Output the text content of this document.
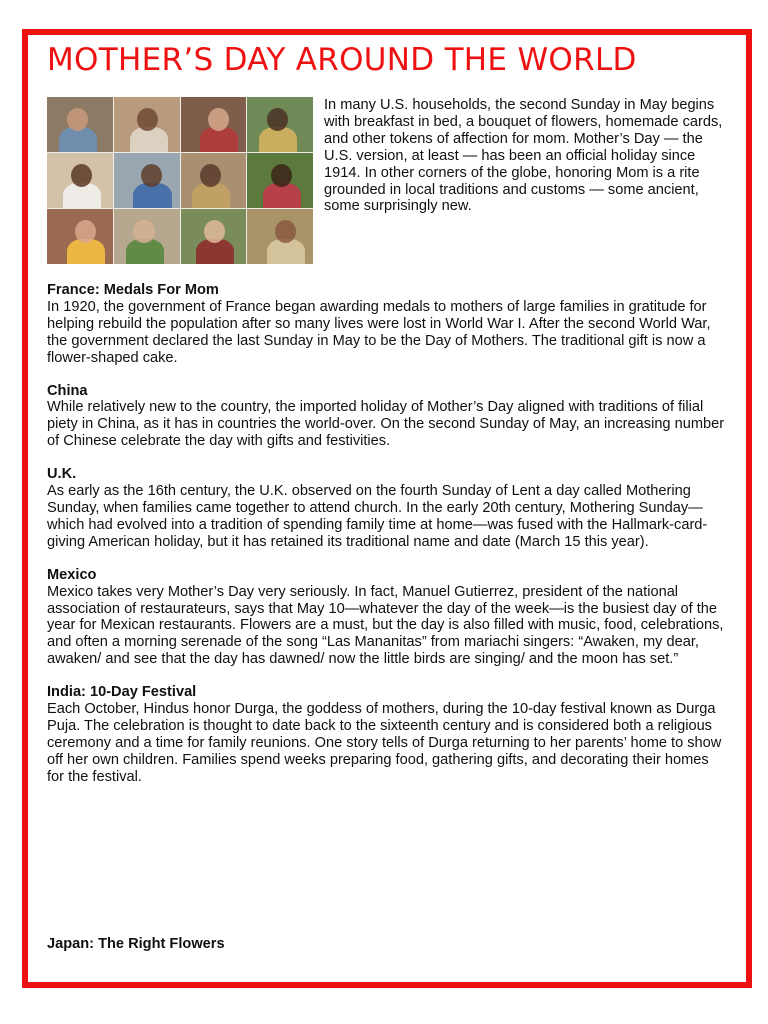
MOTHER’S DAY AROUND THE WORLD

In many U.S. households, the second Sunday in May begins with breakfast in bed, a bouquet of flowers, homemade cards, and other tokens of affection for mom. Mother’s Day — the U.S. version, at least — has been an official holiday since 1914. In other corners of the globe, honoring Mom is a rite grounded in local traditions and customs — some ancient, some surprisingly new.

France: Medals For Mom

In 1920, the government of France began awarding medals to mothers of large families in gratitude for helping rebuild the population after so many lives were lost in World War I. After the second World War, the government declared the last Sunday in May to be the Day of Mothers. The traditional gift is now a flower-shaped cake.

China

While relatively new to the country, the imported holiday of Mother’s Day aligned with traditions of filial piety in China, as it has in countries the world-over. On the second Sunday of May, an increasing number of Chinese celebrate the day with gifts and festivities.

U.K.

As early as the 16th century, the U.K. observed on the fourth Sunday of Lent a day called Mothering Sunday, when families came together to attend church. In the early 20th century, Mothering Sunday—which had evolved into a tradition of spending family time at home—was fused with the Hallmark-card-giving American holiday, but it has retained its traditional name and date (March 15 this year).

Mexico

Mexico takes very Mother’s Day very seriously. In fact, Manuel Gutierrez, president of the national association of restaurateurs, says that May 10—whatever the day of the week—is the busiest day of the year for Mexican restaurants. Flowers are a must, but the day is also filled with music, food, celebrations, and often a morning serenade of the song “Las Mananitas” from mariachi singers: “Awaken, my dear, awaken/ and see that the day has dawned/ now the little birds are singing/ and the moon has set.”

India: 10-Day Festival

Each October, Hindus honor Durga, the goddess of mothers, during the 10-day festival known as Durga Puja. The celebration is thought to date back to the sixteenth century and is considered both a religious ceremony and a time for family reunions. One story tells of Durga returning to her parents’ home to show off her own children. Families spend weeks preparing food, gathering gifts, and decorating their homes for the festival.

Japan: The Right Flowers
